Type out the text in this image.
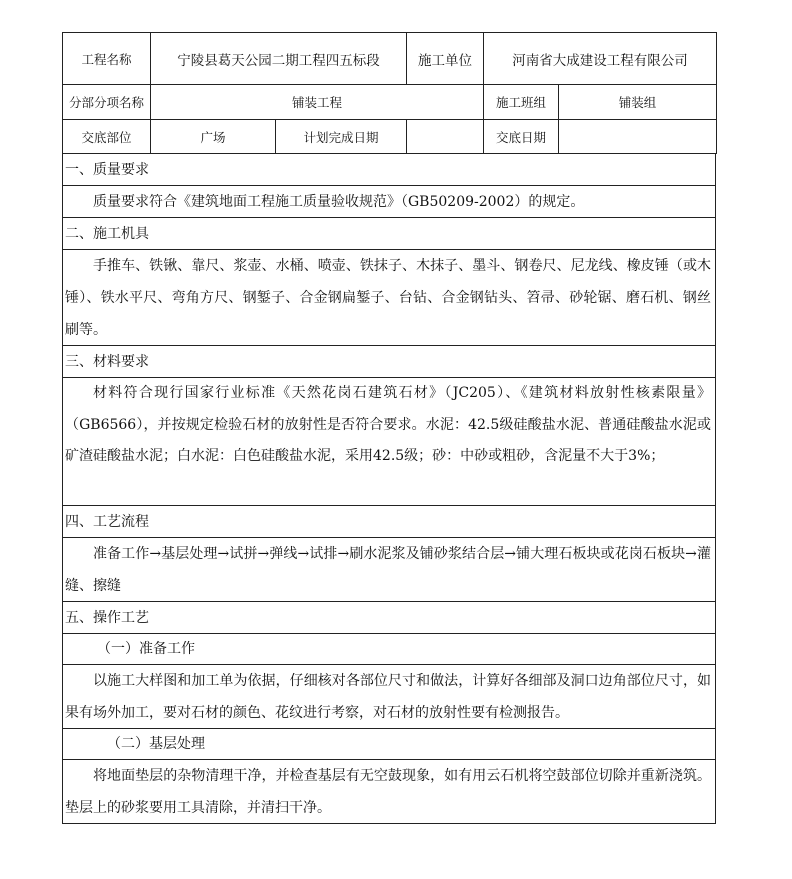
工程名称	宁陵县葛天公园二期工程四五标段		施工单位	河南省大成建设工程有限公司	
分部分项名称	铺装工程			施工班组	铺装组
交底部位	广场	计划完成日期		交底日期	
一、质量要求
质量要求符合《建筑地面工程施工质量验收规范》（GB50209-2002）的规定。
二、施工机具
手推车、铁锹、靠尺、浆壶、水桶、喷壶、铁抹子、木抹子、墨斗、钢卷尺、尼龙线、橡皮锤（或木锤）、铁水平尺、弯角方尺、钢錾子、合金钢扁錾子、台钻、合金钢钻头、笤帚、砂轮锯、磨石机、钢丝刷等。
三、材料要求
材料符合现行国家行业标准《天然花岗石建筑石材》（JC205）、《建筑材料放射性核素限量》（GB6566），并按规定检验石材的放射性是否符合要求。水泥：42.5级硅酸盐水泥、普通硅酸盐水泥或矿渣硅酸盐水泥；白水泥：白色硅酸盐水泥，采用42.5级；砂：中砂或粗砂，含泥量不大于3%；
四、工艺流程
准备工作→基层处理→试拼→弹线→试排→刷水泥浆及铺砂浆结合层→铺大理石板块或花岗石板块→灌缝、擦缝
五、操作工艺
（一）准备工作
以施工大样图和加工单为依据，仔细核对各部位尺寸和做法，计算好各细部及洞口边角部位尺寸，如果有场外加工，要对石材的颜色、花纹进行考察，对石材的放射性要有检测报告。
（二）基层处理
将地面垫层的杂物清理干净，并检查基层有无空鼓现象，如有用云石机将空鼓部位切除并重新浇筑。垫层上的砂浆要用工具清除，并清扫干净。
